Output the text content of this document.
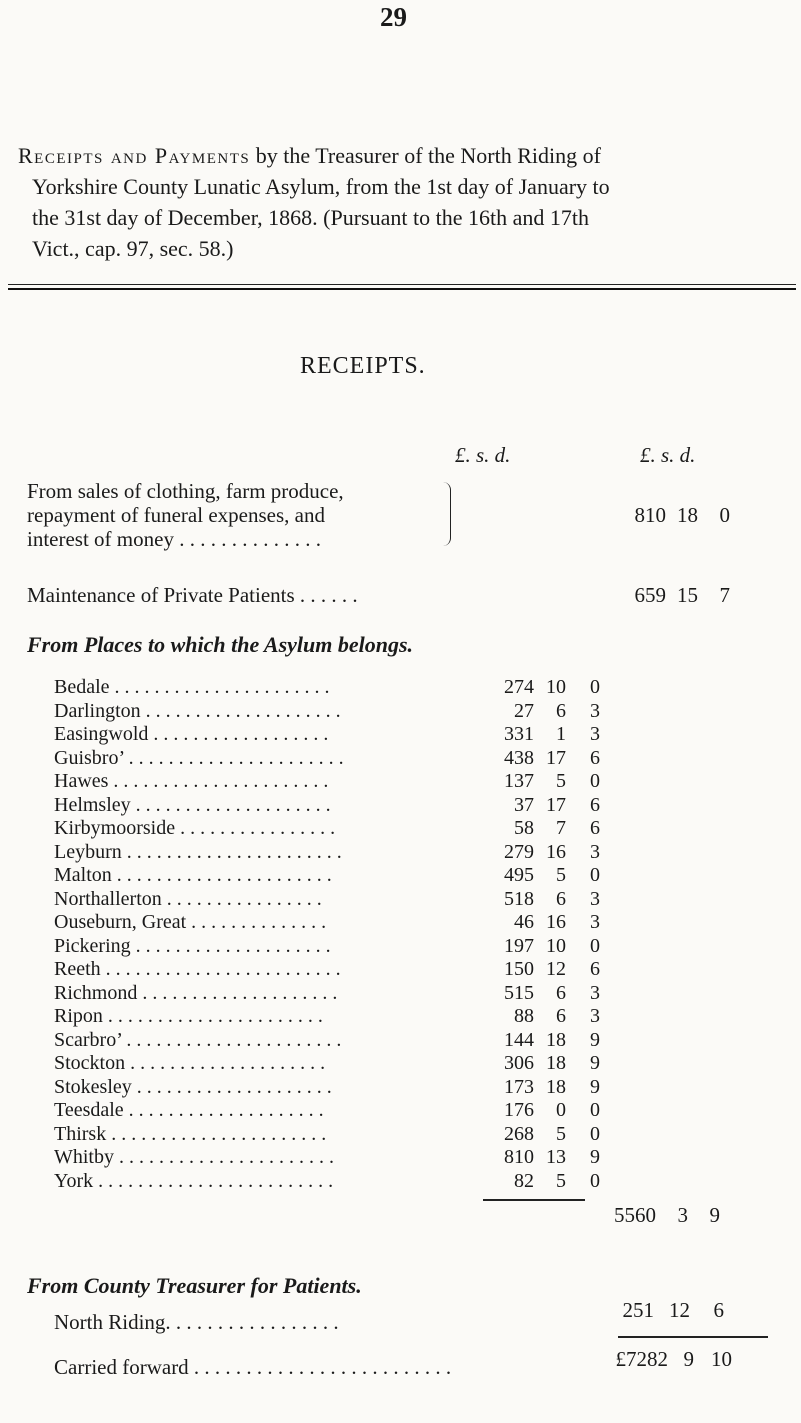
29
Receipts and Payments by the Treasurer of the North Riding of
Yorkshire County Lunatic Asylum, from the 1st day of January to
the 31st day of December, 1868. (Pursuant to the 16th and 17th
Vict., cap. 97, sec. 58.)
RECEIPTS.
£. s. d.	£. s. d.
From sales of clothing, farm produce,
repayment of funeral expenses, and
interest of money . . . . . . . . . . . . . .
810 18 0
Maintenance of Private Patients . . . . . .	659 15 7
From Places to which the Asylum belongs.
Bedale . . . . . . . . . . . . . . . . . . . . . .	274 10 0
Darlington . . . . . . . . . . . . . . . . . . . .	27 6 3
Easingwold . . . . . . . . . . . . . . . . . .	331 1 3
Guisbro’ . . . . . . . . . . . . . . . . . . . . . .	438 17 6
Hawes . . . . . . . . . . . . . . . . . . . . . .	137 5 0
Helmsley . . . . . . . . . . . . . . . . . . . .	37 17 6
Kirbymoorside . . . . . . . . . . . . . . . .	58 7 6
Leyburn . . . . . . . . . . . . . . . . . . . . . .	279 16 3
Malton . . . . . . . . . . . . . . . . . . . . . .	495 5 0
Northallerton . . . . . . . . . . . . . . . .	518 6 3
Ouseburn, Great . . . . . . . . . . . . . .	46 16 3
Pickering . . . . . . . . . . . . . . . . . . . .	197 10 0
Reeth . . . . . . . . . . . . . . . . . . . . . . . .	150 12 6
Richmond . . . . . . . . . . . . . . . . . . . .	515 6 3
Ripon . . . . . . . . . . . . . . . . . . . . . .	88 6 3
Scarbro’ . . . . . . . . . . . . . . . . . . . . . .	144 18 9
Stockton . . . . . . . . . . . . . . . . . . . .	306 18 9
Stokesley . . . . . . . . . . . . . . . . . . . .	173 18 9
Teesdale . . . . . . . . . . . . . . . . . . . .	176 0 0
Thirsk . . . . . . . . . . . . . . . . . . . . . .	268 5 0
Whitby . . . . . . . . . . . . . . . . . . . . . .	810 13 9
York . . . . . . . . . . . . . . . . . . . . . . . .	82 5 0
5560 3 9
From County Treasurer for Patients.
North Riding. . . . . . . . . . . . . . . . .	251 12 6
Carried forward . . . . . . . . . . . . . . . . . . . . . . . . .	£7282 9 10
